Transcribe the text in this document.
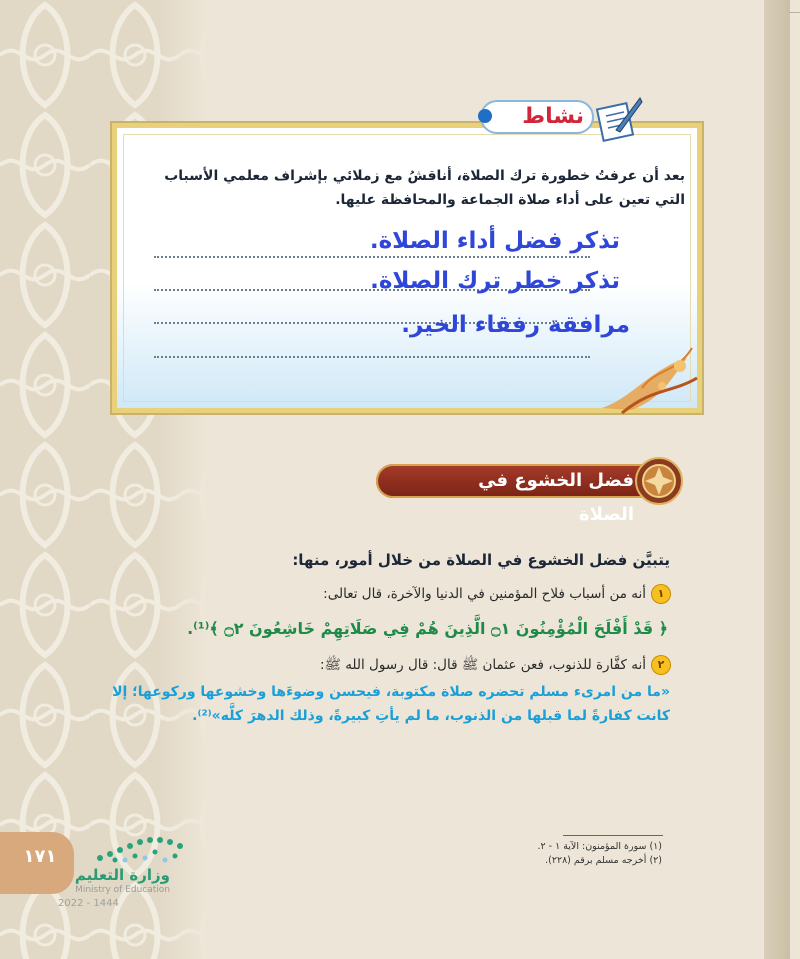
نشاط
بعد أن عرفتُ خطورة ترك الصلاة، أناقشُ مع زملائي بإشراف معلمي الأسباب التي تعين على أداء صلاة الجماعة والمحافظة عليها.
تذكر فضل أداء الصلاة.
تذكر خطر ترك الصلاة.
مرافقة رفقاء الخير.
فضل الخشوع في الصلاة
يتبيَّن فضل الخشوع في الصلاة من خلال أمور، منها:
١أنه من أسباب فلاح المؤمنين في الدنيا والآخرة، قال تعالى:
﴿ قَدْ أَفْلَحَ الْمُؤْمِنُونَ ۝١ الَّذِينَ هُمْ فِي صَلَاتِهِمْ خَاشِعُونَ ۝٢ ﴾⁽¹⁾.
٢أنه كفَّارة للذنوب، فعن عثمان ﷺ قال: قال رسول الله ﷺ:
«ما من امرىء مسلم تحضره صلاة مكتوبة، فيحسن وضوءَها وخشوعها وركوعها؛ إلا كانت كفارةً لما قبلها من الذنوب، ما لم يأتِ كبيرةً، وذلك الدهرَ كلَّه»⁽²⁾.
(١) سورة المؤمنون: الآية ١ - ٢.
(٢) أخرجه مسلم برقم (٢٢٨).
١٧١
وزارة التعليم
Ministry of Education
2022 - 1444
